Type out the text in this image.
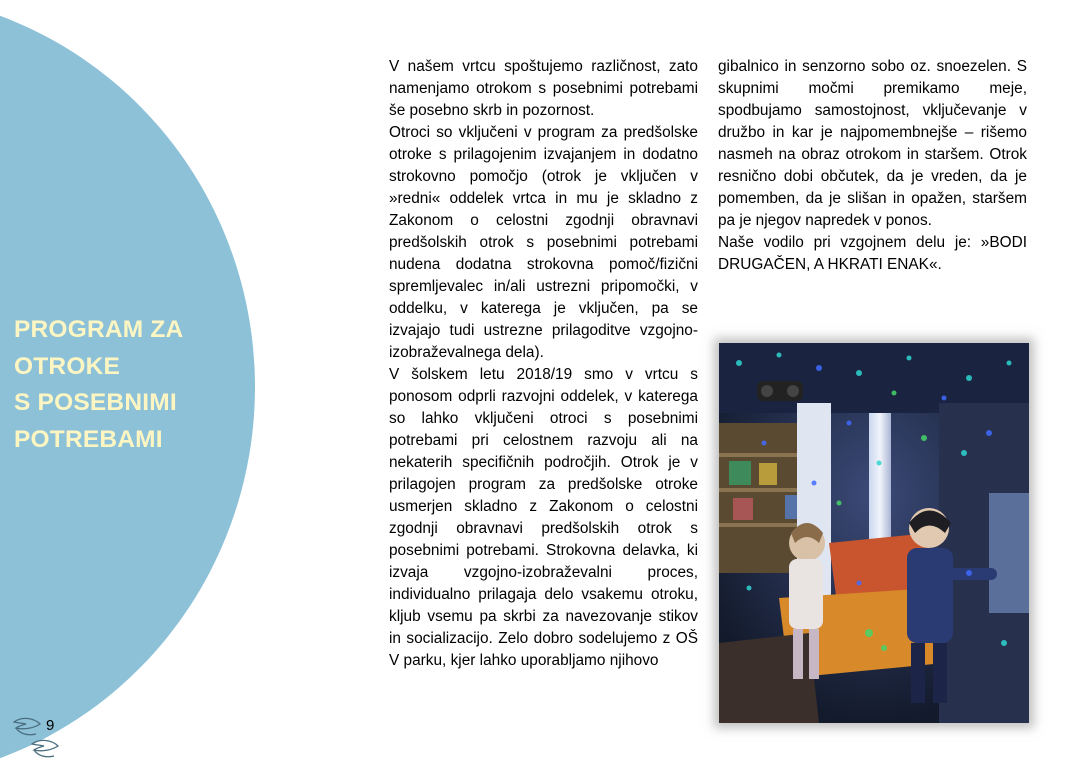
PROGRAM ZA
OTROKE
S POSEBNIMI
POTREBAMI
9

V našem vrtcu spoštujemo različnost, zato namenjamo otrokom s posebnimi potrebami še posebno skrb in pozornost.

Otroci so vključeni v program za predšolske otroke s prilagojenim izvajanjem in dodatno strokovno pomočjo (otrok je vključen v »redni« oddelek vrtca in mu je skladno z Zakonom o celostni zgodnji obravnavi predšolskih otrok s posebnimi potrebami nudena dodatna strokovna pomoč/fizični spremljevalec in/ali ustrezni pripomočki, v oddelku, v katerega je vključen, pa se izvajajo tudi ustrezne prilagoditve vzgojno-izobraževalnega dela).

V šolskem letu 2018/19 smo v vrtcu s ponosom odprli razvojni oddelek, v katerega so lahko vključeni otroci s posebnimi potrebami pri celostnem razvoju ali na nekaterih specifičnih področjih. Otrok je v prilagojen program za predšolske otroke usmerjen skladno z Zakonom o celostni zgodnji obravnavi predšolskih otrok s posebnimi potrebami. Strokovna delavka, ki izvaja vzgojno-izobraževalni proces, individualno prilagaja delo vsakemu otroku, kljub vsemu pa skrbi za navezovanje stikov in socializacijo. Zelo dobro sodelujemo z OŠ V parku, kjer lahko uporabljamo njihovo

gibalnico in senzorno sobo oz. snoezelen. S skupnimi močmi premikamo meje, spodbujamo samostojnost, vključevanje v družbo in kar je najpomembnejše – rišemo nasmeh na obraz otrokom in staršem. Otrok resnično dobi občutek, da je vreden, da je pomemben, da je slišan in opažen, staršem pa je njegov napredek v ponos.

Naše vodilo pri vzgojnem delu je: »BODI DRUGAČEN, A HKRATI ENAK«.
